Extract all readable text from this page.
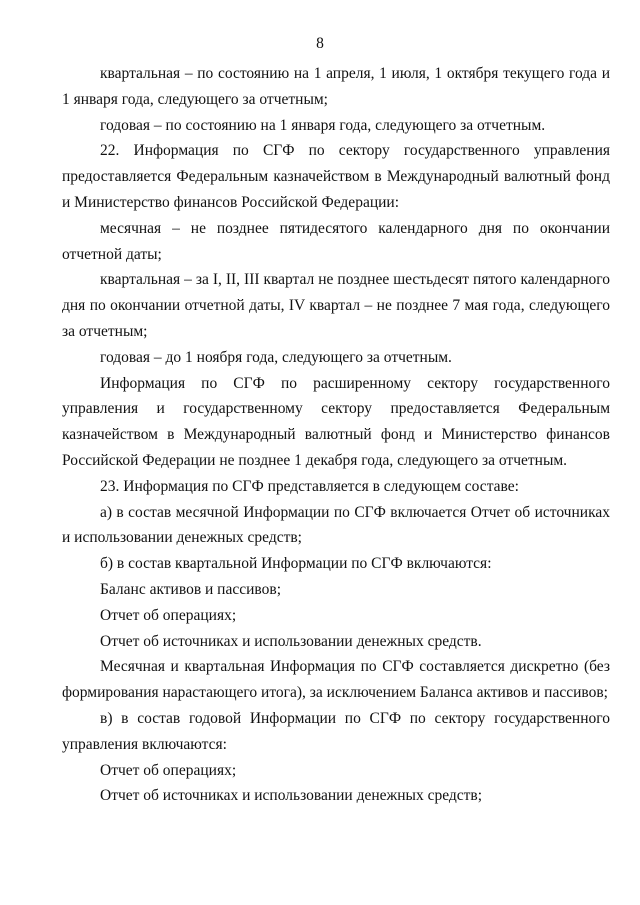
8

квартальная – по состоянию на 1 апреля, 1 июля, 1 октября текущего года и 1 января года, следующего за отчетным;

годовая – по состоянию на 1 января года, следующего за отчетным.

22. Информация по СГФ по сектору государственного управления предоставляется Федеральным казначейством в Международный валютный фонд и Министерство финансов Российской Федерации:

месячная – не позднее пятидесятого календарного дня по окончании отчетной даты;

квартальная – за I, II, III квартал не позднее шестьдесят пятого календарного дня по окончании отчетной даты, IV квартал – не позднее 7 мая года, следующего за отчетным;

годовая – до 1 ноября года, следующего за отчетным.

Информация по СГФ по расширенному сектору государственного управления и государственному сектору предоставляется Федеральным казначейством в Международный валютный фонд и Министерство финансов Российской Федерации не позднее 1 декабря года, следующего за отчетным.

23. Информация по СГФ представляется в следующем составе:

а) в состав месячной Информации по СГФ включается Отчет об источниках и использовании денежных средств;

б) в состав квартальной Информации по СГФ включаются:

Баланс активов и пассивов;

Отчет об операциях;

Отчет об источниках и использовании денежных средств.

Месячная и квартальная Информация по СГФ составляется дискретно (без формирования нарастающего итога), за исключением Баланса активов и пассивов;

в) в состав годовой Информации по СГФ по сектору государственного управления включаются:

Отчет об операциях;

Отчет об источниках и использовании денежных средств;
